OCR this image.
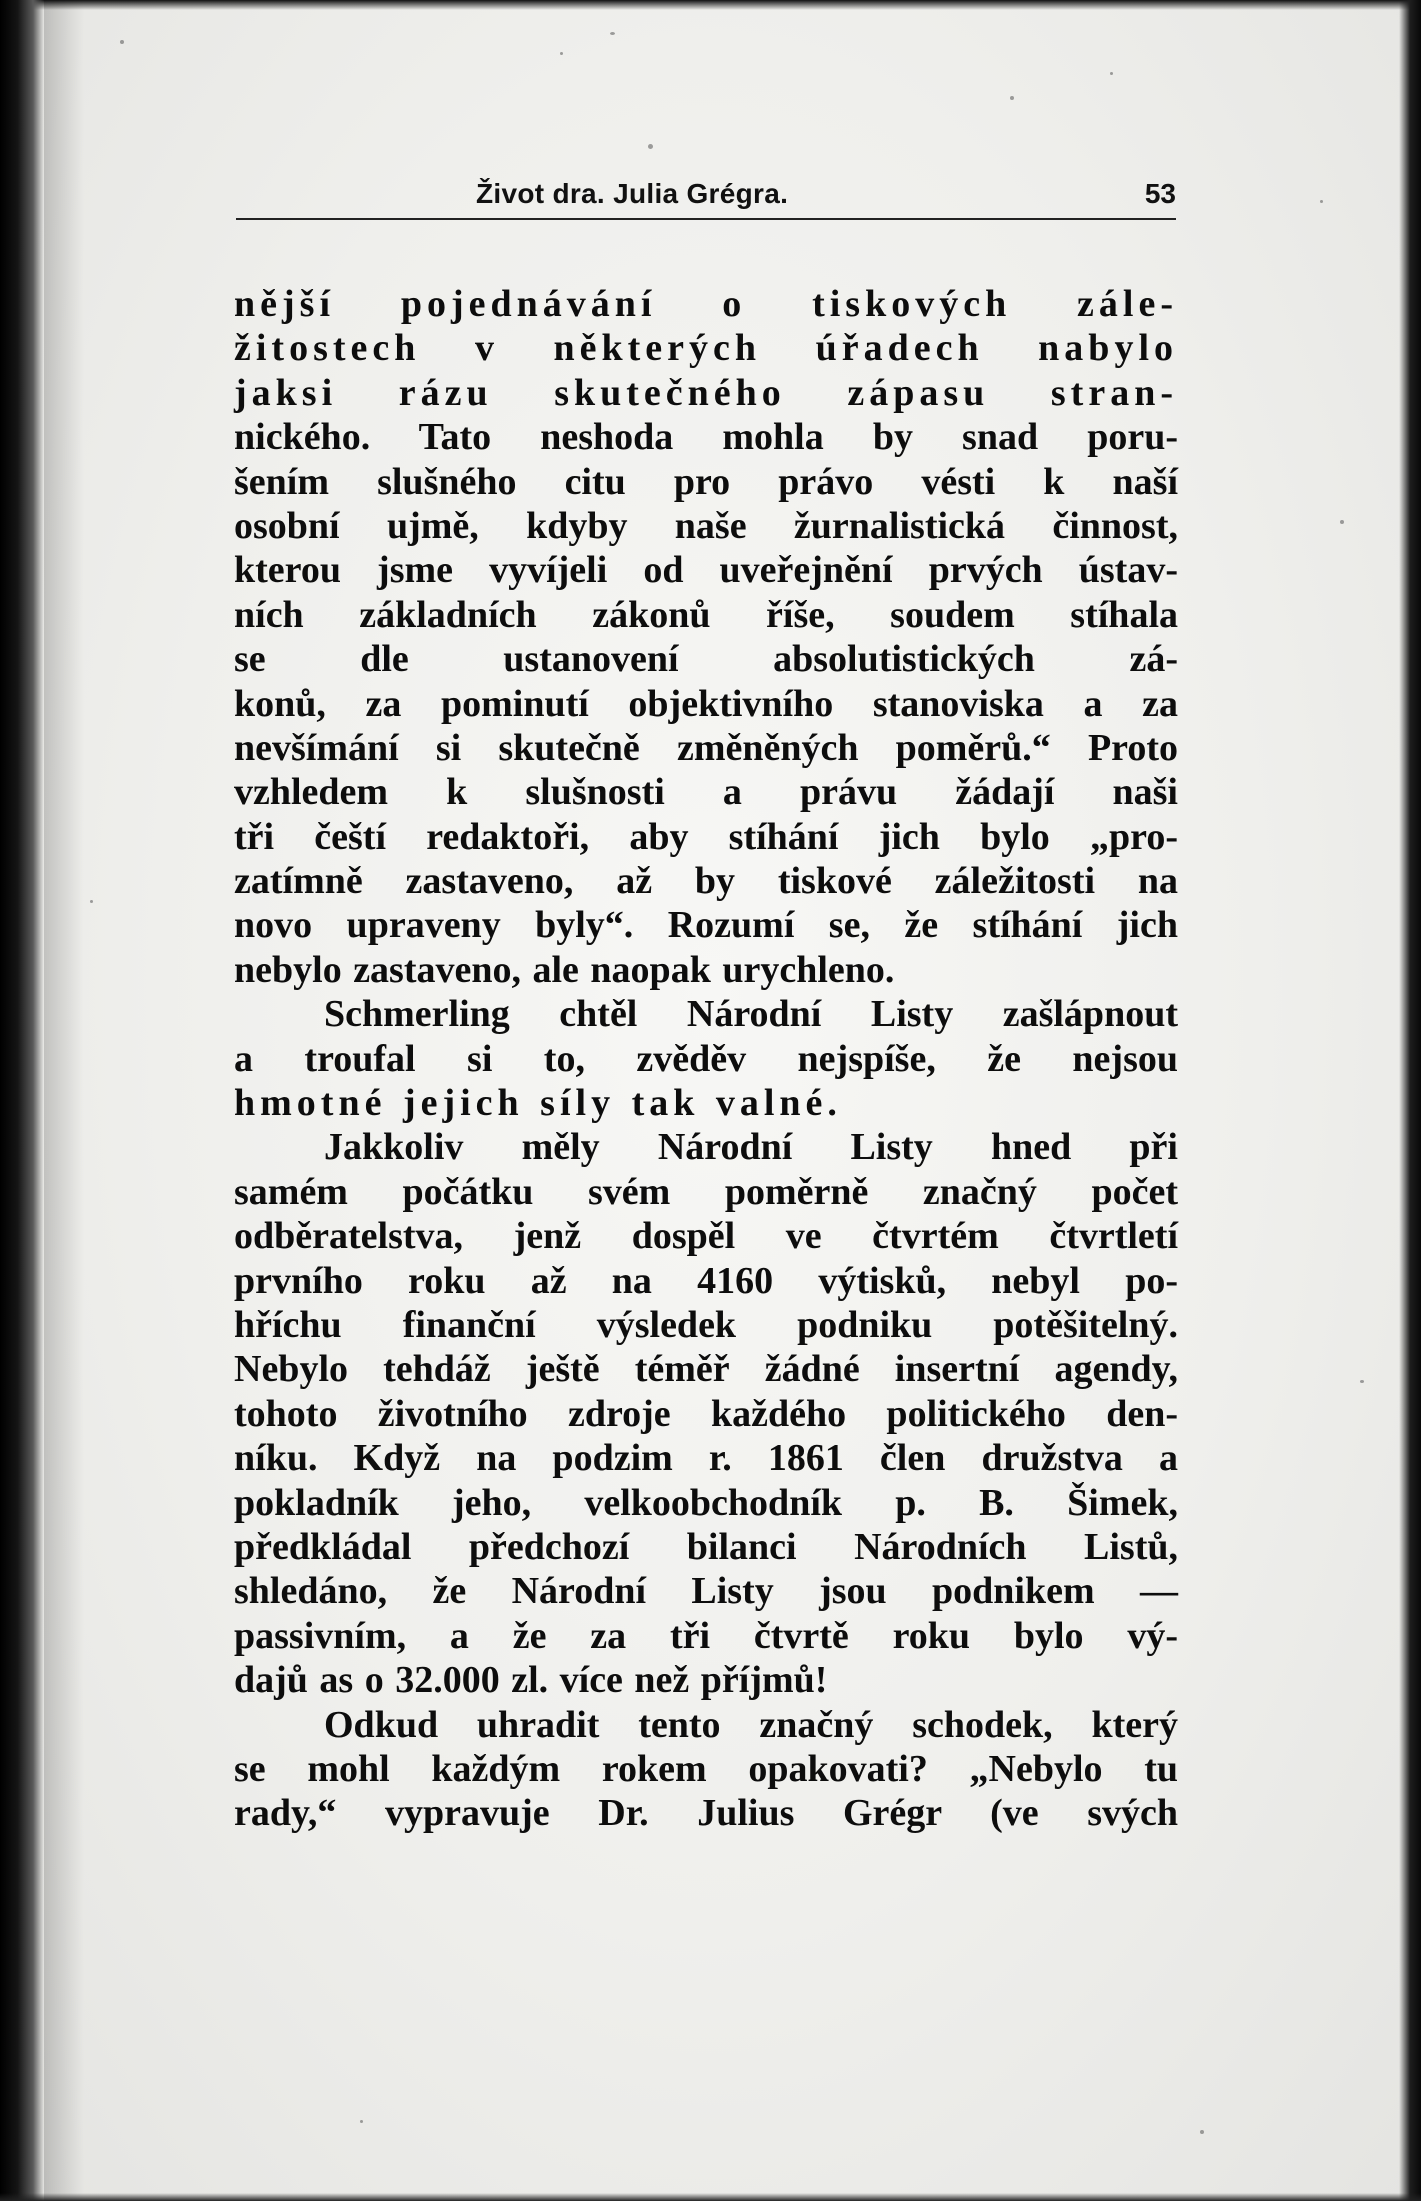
Život dra. Julia Grégra.	53
nější pojednávání o tiskových zále-
žitostech v některých úřadech nabylo
jaksi rázu skutečného zápasu stran-
nického. Tato neshoda mohla by snad poru-
šením slušného citu pro právo vésti k naší
osobní ujmě, kdyby naše žurnalistická činnost,
kterou jsme vyvíjeli od uveřejnění prvých ústav-
ních základních zákonů říše, soudem stíhala
se dle ustanovení absolutistických zá-
konů, za pominutí objektivního stanoviska a za
nevšímání si skutečně změněných poměrů.“ Proto
vzhledem k slušnosti a právu žádají naši
tři čeští redaktoři, aby stíhání jich bylo „pro-
zatímně zastaveno, až by tiskové záležitosti na
novo upraveny byly“. Rozumí se, že stíhání jich
nebylo zastaveno, ale naopak urychleno.
Schmerling chtěl Národní Listy zašlápnout
a troufal si to, zvěděv nejspíše, že nejsou
hmotné jejich síly tak valné.
Jakkoliv měly Národní Listy hned při
samém počátku svém poměrně značný počet
odběratelstva, jenž dospěl ve čtvrtém čtvrtletí
prvního roku až na 4160 výtisků, nebyl po-
hříchu finanční výsledek podniku potěšitelný.
Nebylo tehdáž ještě téměř žádné insertní agendy,
tohoto životního zdroje každého politického den-
níku. Když na podzim r. 1861 člen družstva a
pokladník jeho, velkoobchodník p. B. Šimek,
předkládal předchozí bilanci Národních Listů,
shledáno, že Národní Listy jsou podnikem —
passivním, a že za tři čtvrtě roku bylo vý-
dajů as o 32.000 zl. více než příjmů!
Odkud uhradit tento značný schodek, který
se mohl každým rokem opakovati? „Nebylo tu
rady,“ vypravuje Dr. Julius Grégr (ve svých
